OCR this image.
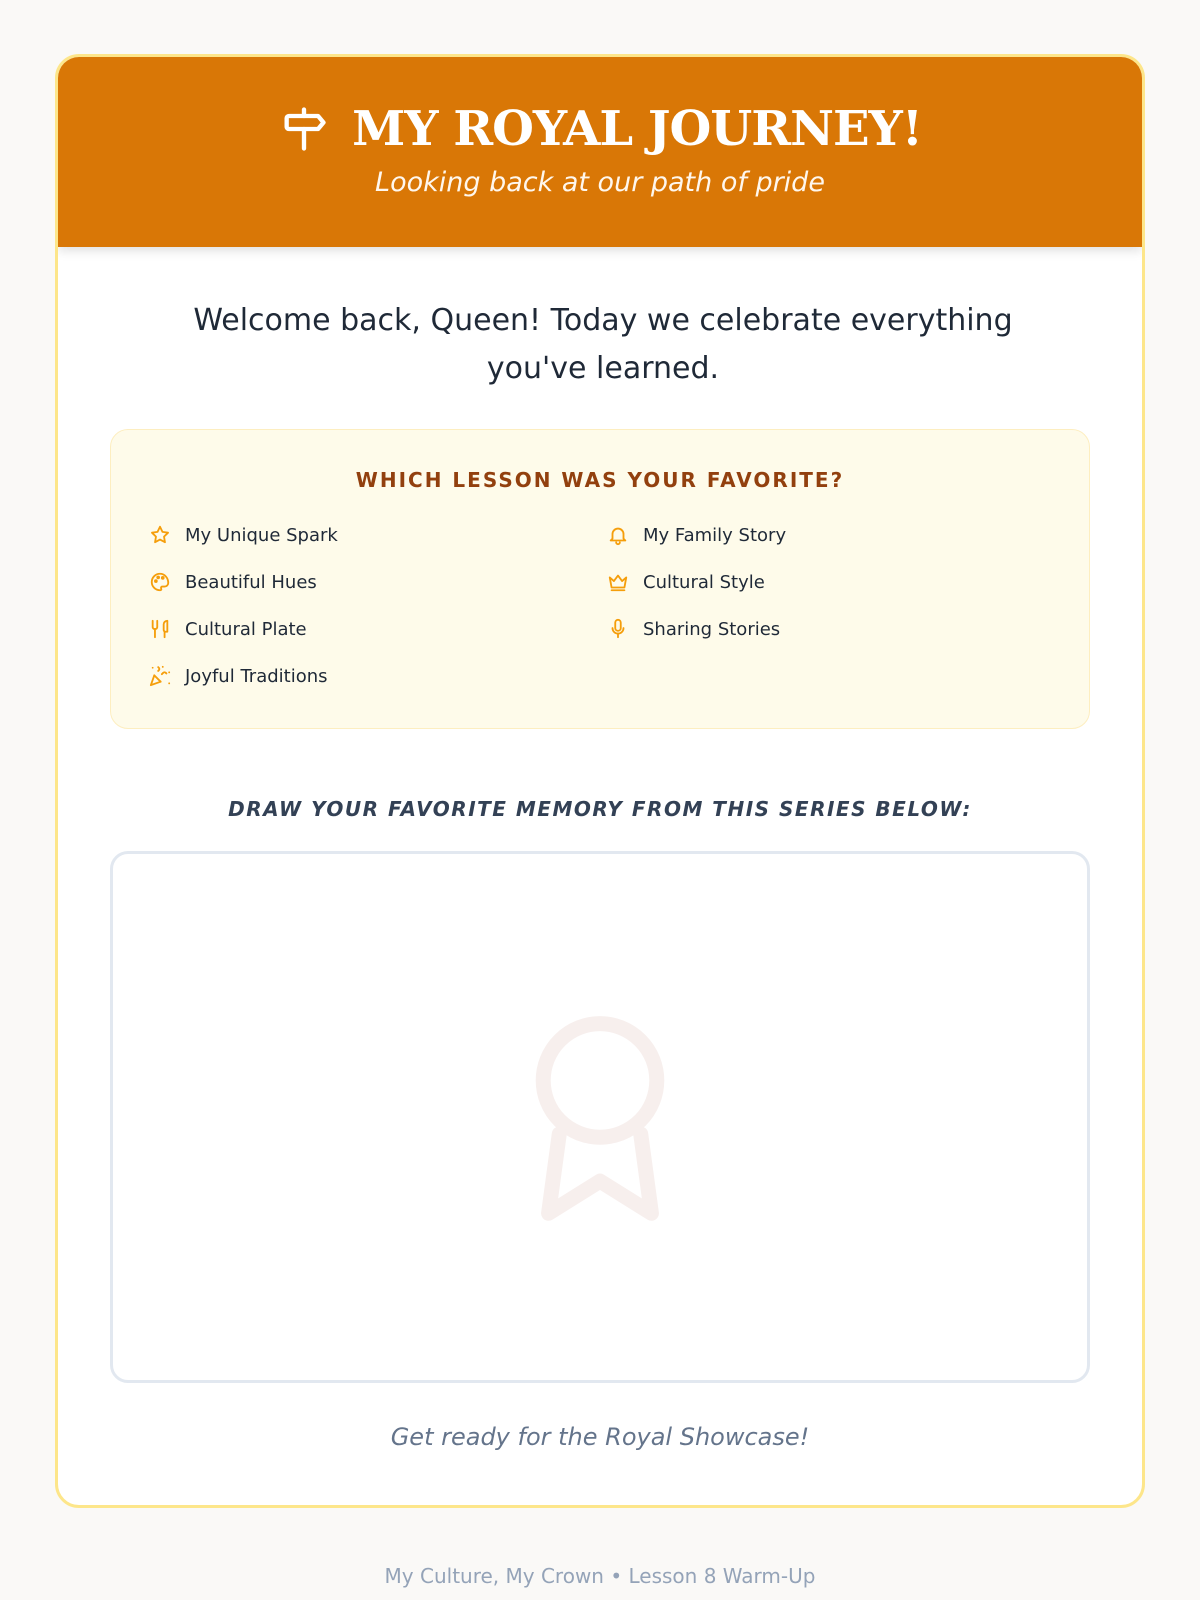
MY ROYAL JOURNEY!
Looking back at our path of pride
Welcome back, Queen! Today we celebrate everything you've learned.
WHICH LESSON WAS YOUR FAVORITE?
My Unique Spark	My Family Story
Beautiful Hues	Cultural Style
Cultural Plate	Sharing Stories
Joyful Traditions
DRAW YOUR FAVORITE MEMORY FROM THIS SERIES BELOW:
Get ready for the Royal Showcase!
My Culture, My Crown • Lesson 8 Warm-Up
